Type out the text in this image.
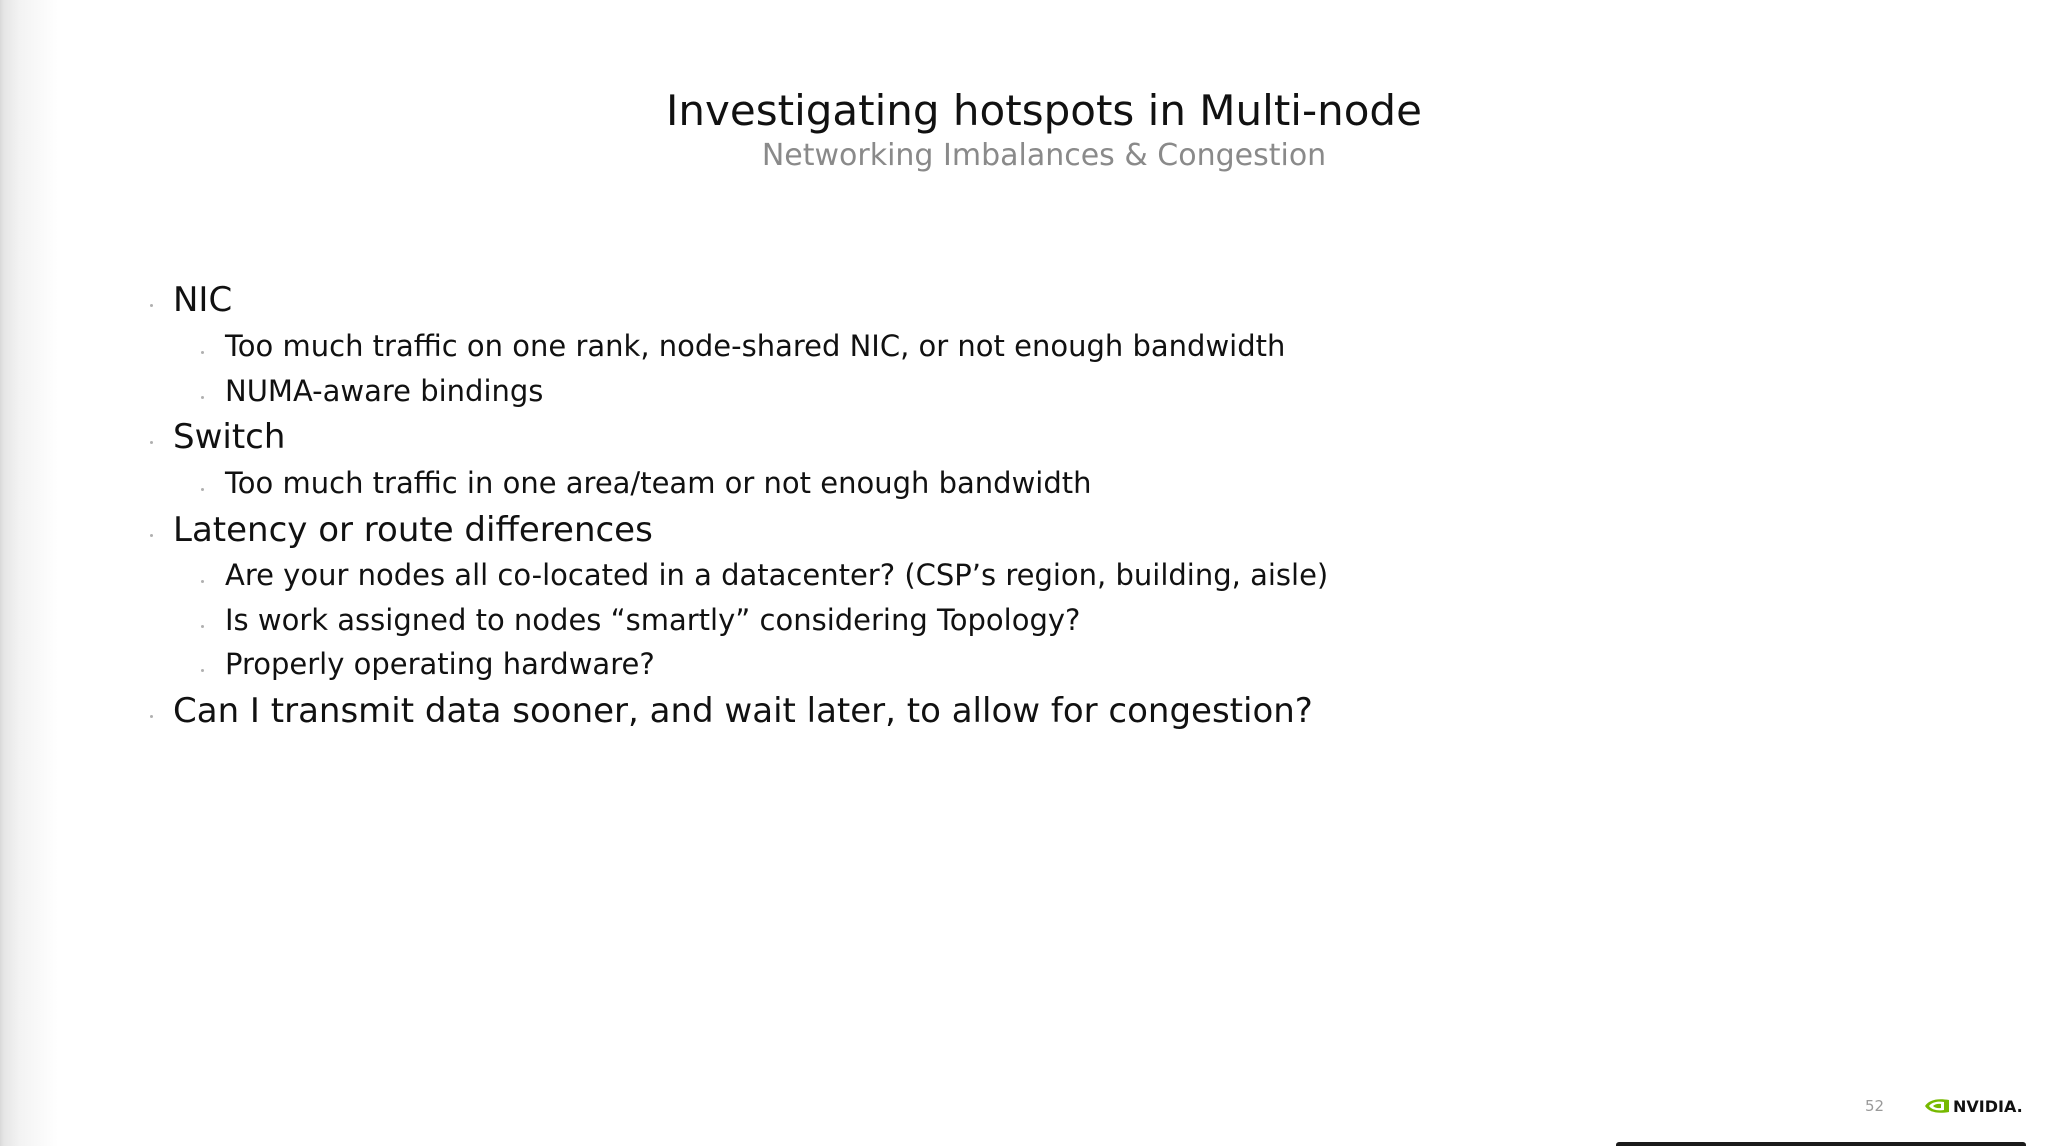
Investigating hotspots in Multi-node
Networking Imbalances & Congestion
NIC
Too much traffic on one rank, node-shared NIC, or not enough bandwidth
NUMA-aware bindings
Switch
Too much traffic in one area/team or not enough bandwidth
Latency or route differences
Are your nodes all co-located in a datacenter? (CSP’s region, building, aisle)
Is work assigned to nodes “smartly” considering Topology?
Properly operating hardware?
Can I transmit data sooner, and wait later, to allow for congestion?
52	NVIDIA.
